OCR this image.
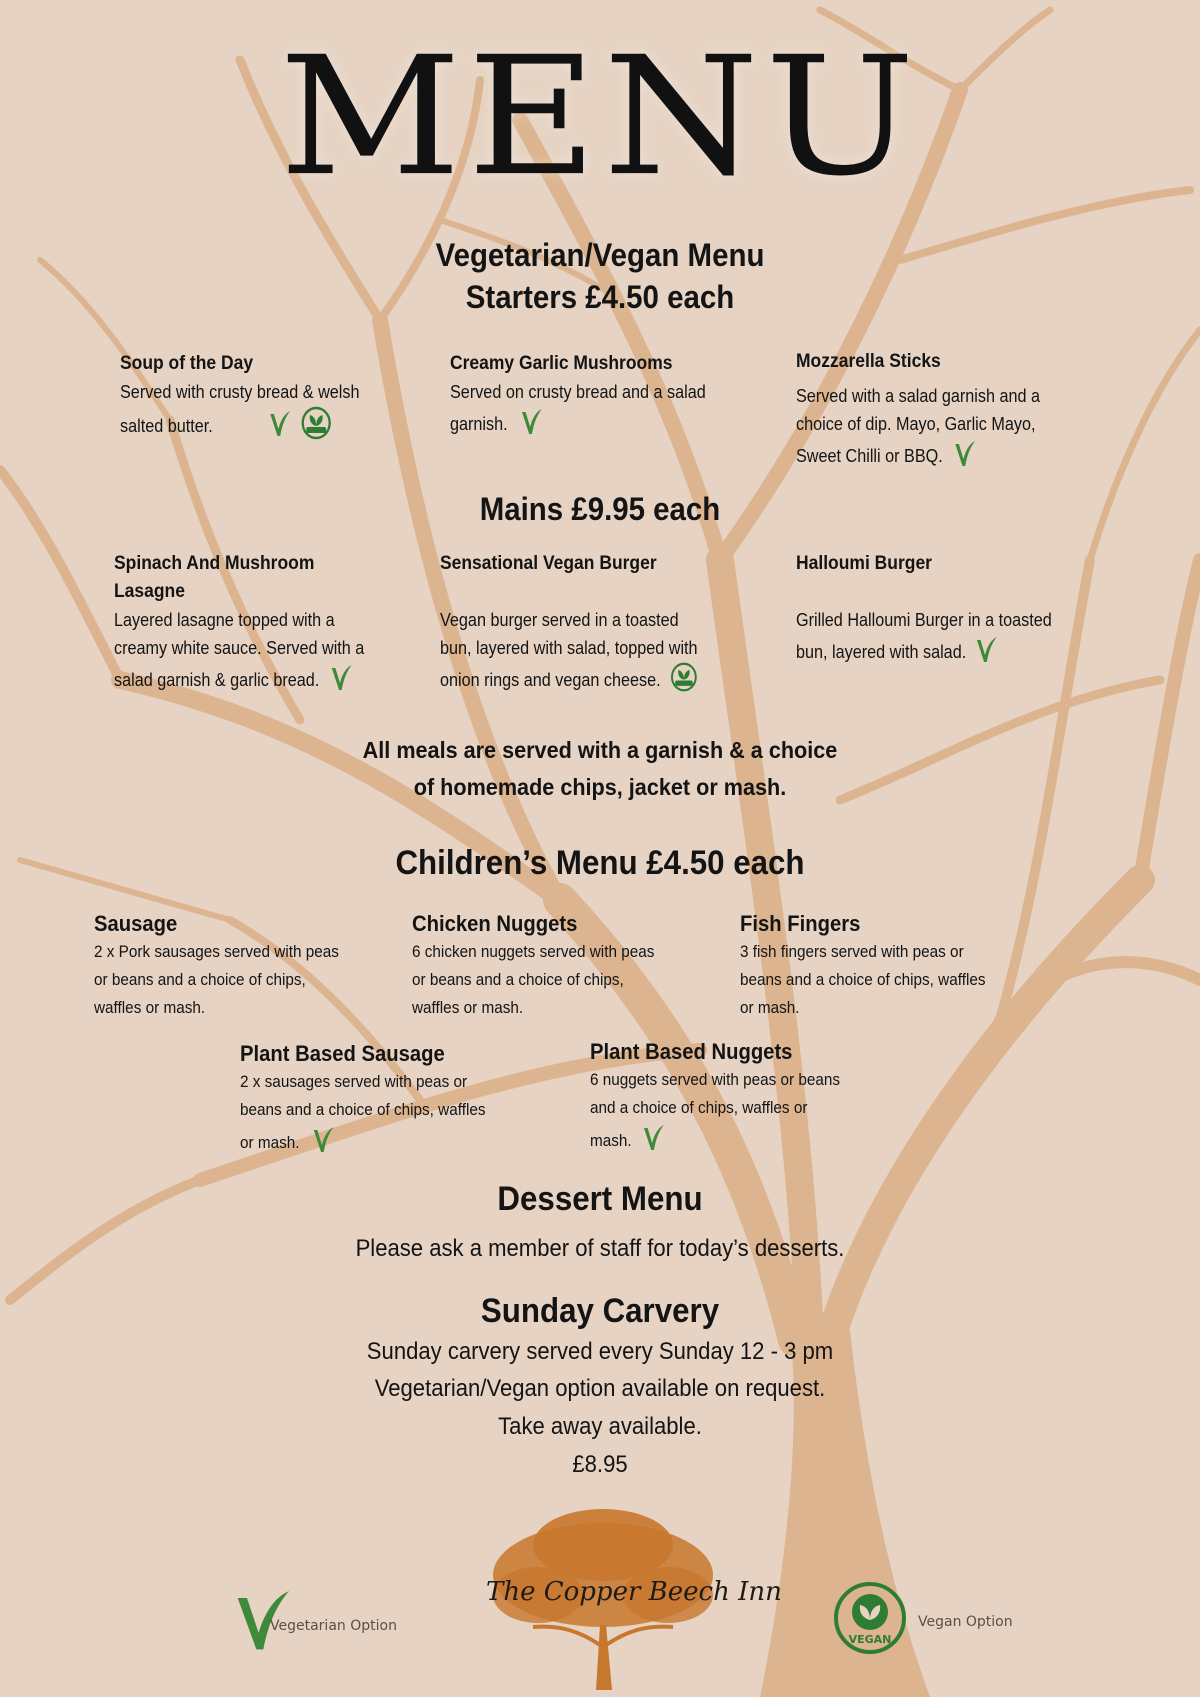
MENU
Vegetarian/Vegan Menu
Starters £4.50 each
Soup of the Day
Served with crusty bread & welsh
salted butter.
Creamy Garlic Mushrooms
Served on crusty bread and a salad
garnish.
Mozzarella Sticks
Served with a salad garnish and a
choice of dip. Mayo, Garlic Mayo,
Sweet Chilli or BBQ.
Mains £9.95 each
Spinach And Mushroom
Lasagne
Layered lasagne topped with a
creamy white sauce. Served with a
salad garnish & garlic bread.
Sensational Vegan Burger
Vegan burger served in a toasted
bun, layered with salad, topped with
onion rings and vegan cheese.
Halloumi Burger
Grilled Halloumi Burger in a toasted
bun, layered with salad.
All meals are served with a garnish & a choice
of homemade chips, jacket or mash.
Children’s Menu £4.50 each
Sausage
2 x Pork sausages served with peas
or beans and a choice of chips,
waffles or mash.
Chicken Nuggets
6 chicken nuggets served with peas
or beans and a choice of chips,
waffles or mash.
Fish Fingers
3 fish fingers served with peas or
beans and a choice of chips, waffles
or mash.
Plant Based Sausage
2 x sausages served with peas or
beans and a choice of chips, waffles
or mash.
Plant Based Nuggets
6 nuggets served with peas or beans
and a choice of chips, waffles or
mash.
Dessert Menu
Please ask a member of staff for today’s desserts.
Sunday Carvery
Sunday carvery served every Sunday 12 - 3 pm
Vegetarian/Vegan option available on request.
Take away available.
£8.95
Vegetarian Option
The Copper Beech Inn
VEGAN
Vegan Option
